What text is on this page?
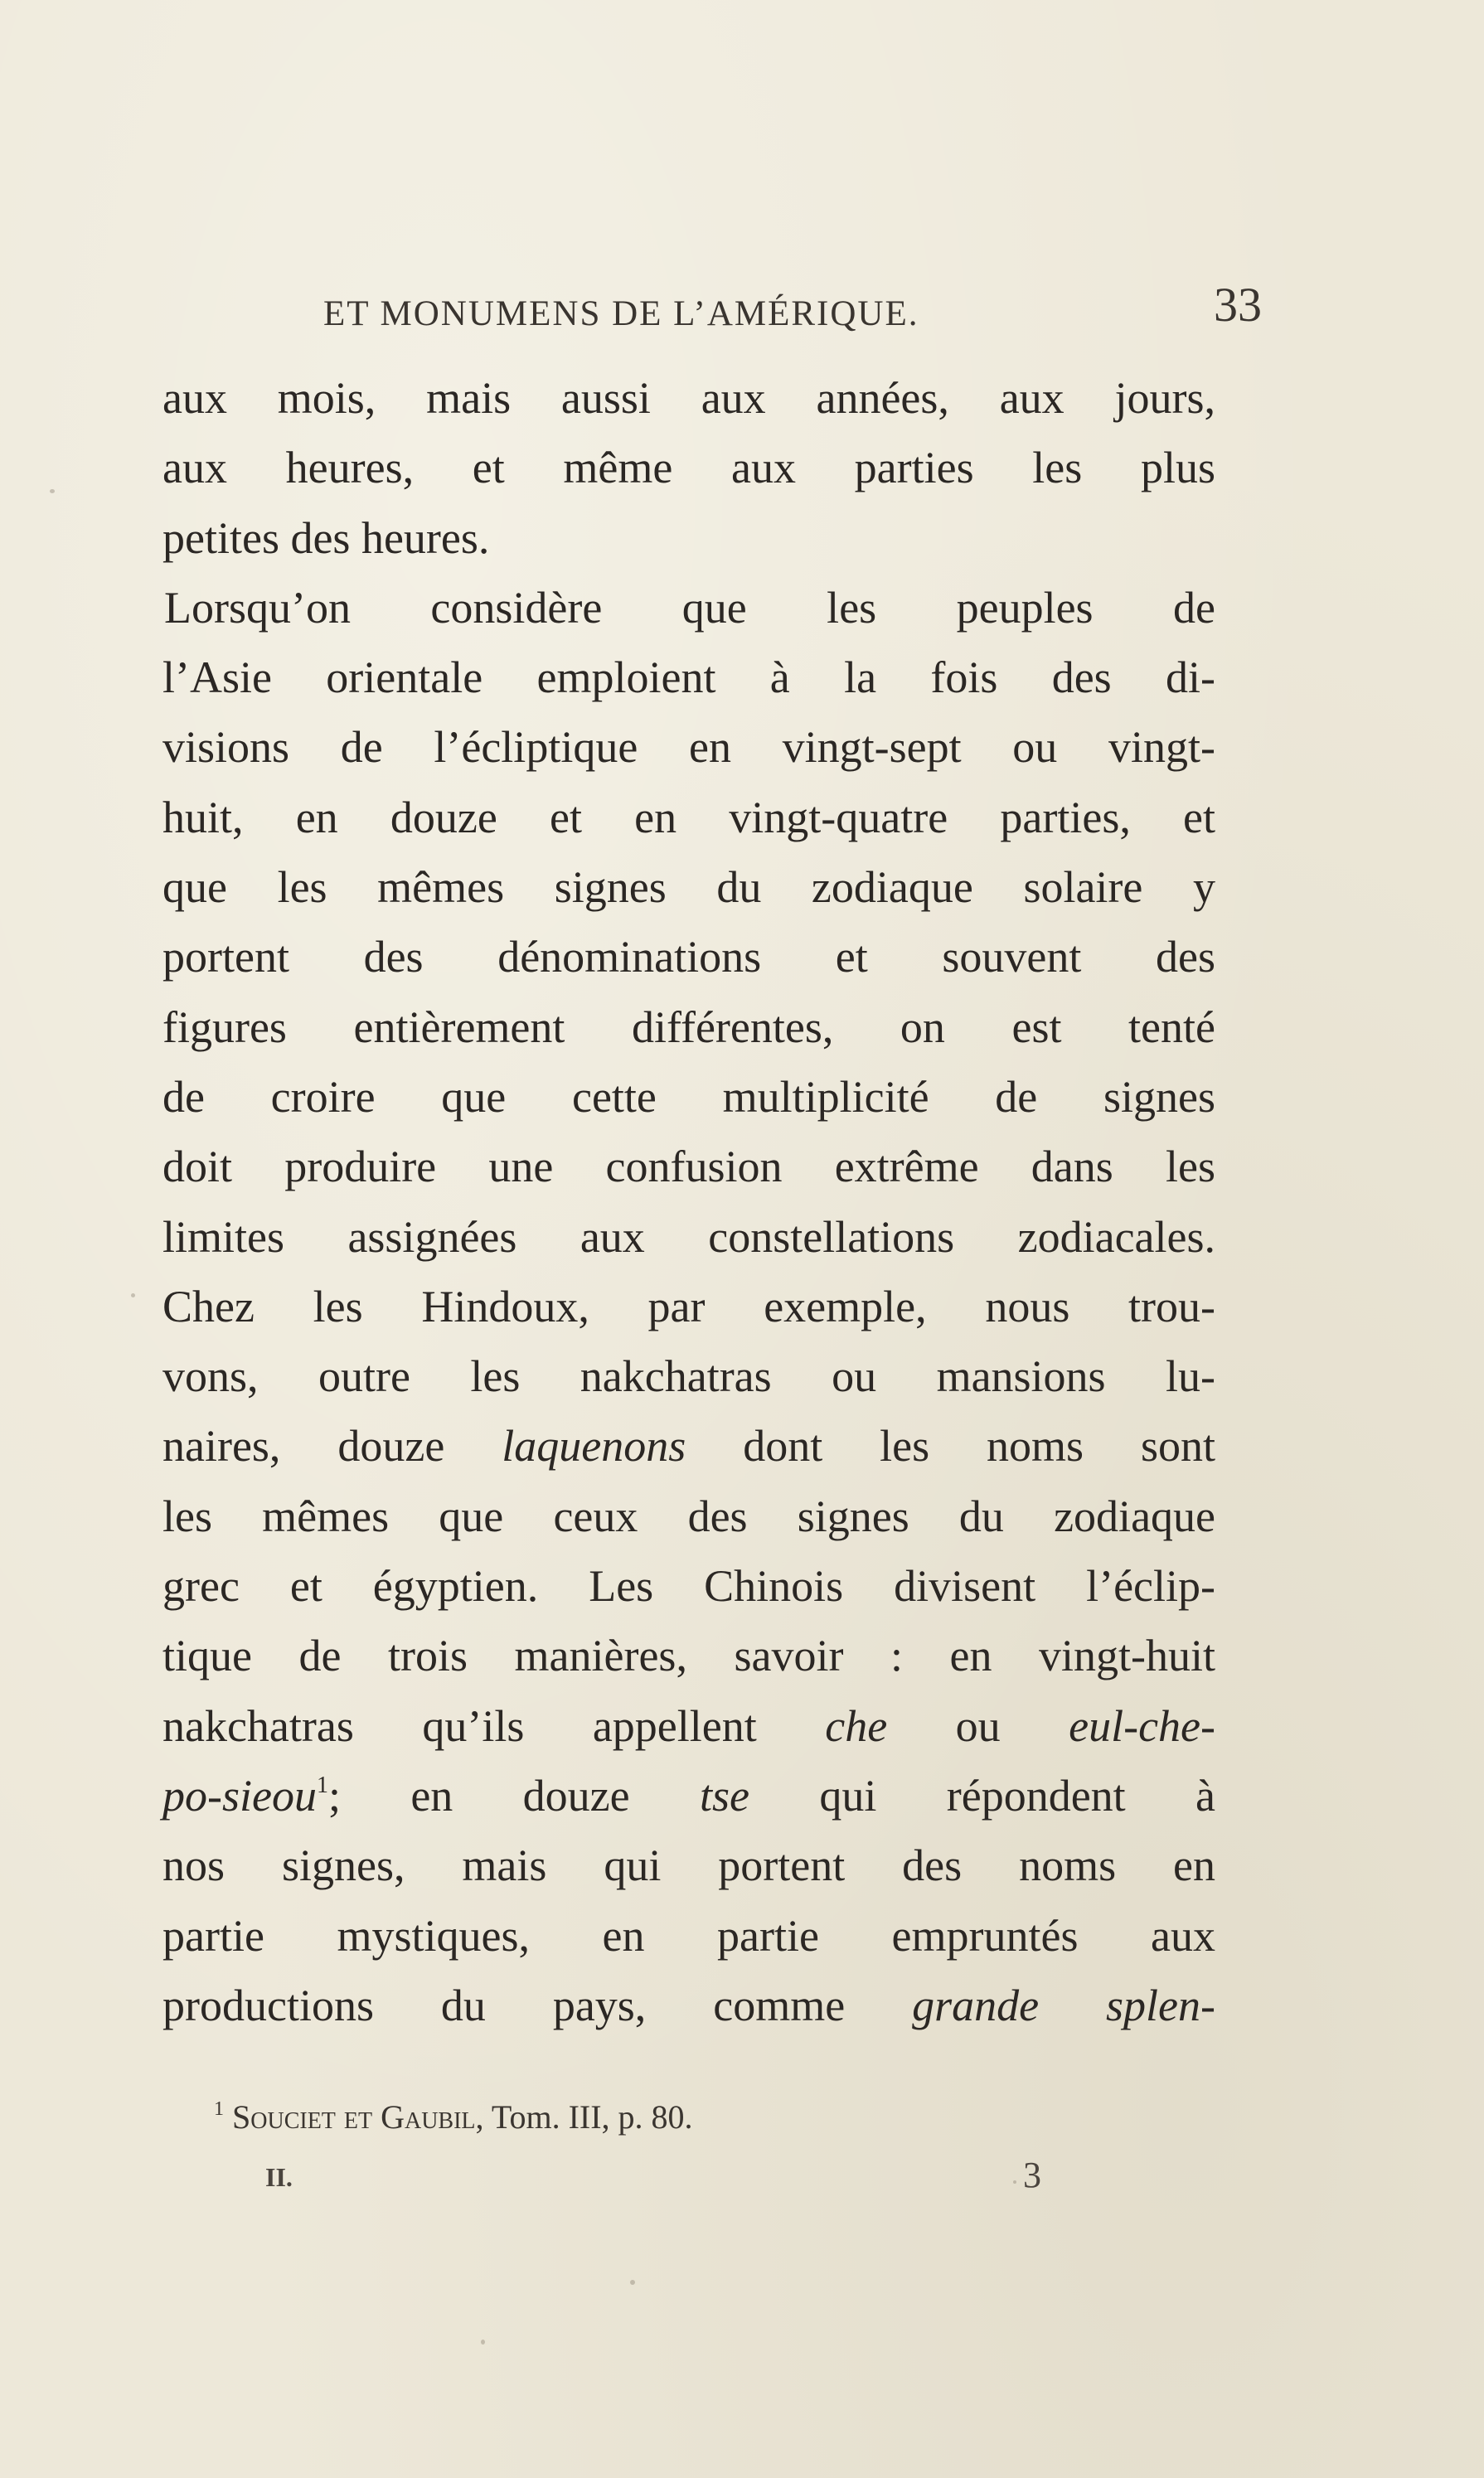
ET MONUMENS DE L’AMÉRIQUE.	33
aux mois, mais aussi aux années, aux jours,
aux heures, et même aux parties les plus
petites des heures.
Lorsqu’on considère que les peuples de
l’Asie orientale emploient à la fois des di-
visions de l’écliptique en vingt-sept ou vingt-
huit, en douze et en vingt-quatre parties, et
que les mêmes signes du zodiaque solaire y
portent des dénominations et souvent des
figures entièrement différentes, on est tenté
de croire que cette multiplicité de signes
doit produire une confusion extrême dans les
limites assignées aux constellations zodiacales.
Chez les Hindoux, par exemple, nous trou-
vons, outre les nakchatras ou mansions lu-
naires, douze laquenons dont les noms sont
les mêmes que ceux des signes du zodiaque
grec et égyptien. Les Chinois divisent l’éclip-
tique de trois manières, savoir : en vingt-huit
nakchatras qu’ils appellent che ou eul-che-
po-sieou$^1$; en douze tse qui répondent à
nos signes, mais qui portent des noms en
partie mystiques, en partie empruntés aux
productions du pays, comme grande splen-
$^1$ Souciet et Gaubil, Tom. III, p. 80.
II.	3
